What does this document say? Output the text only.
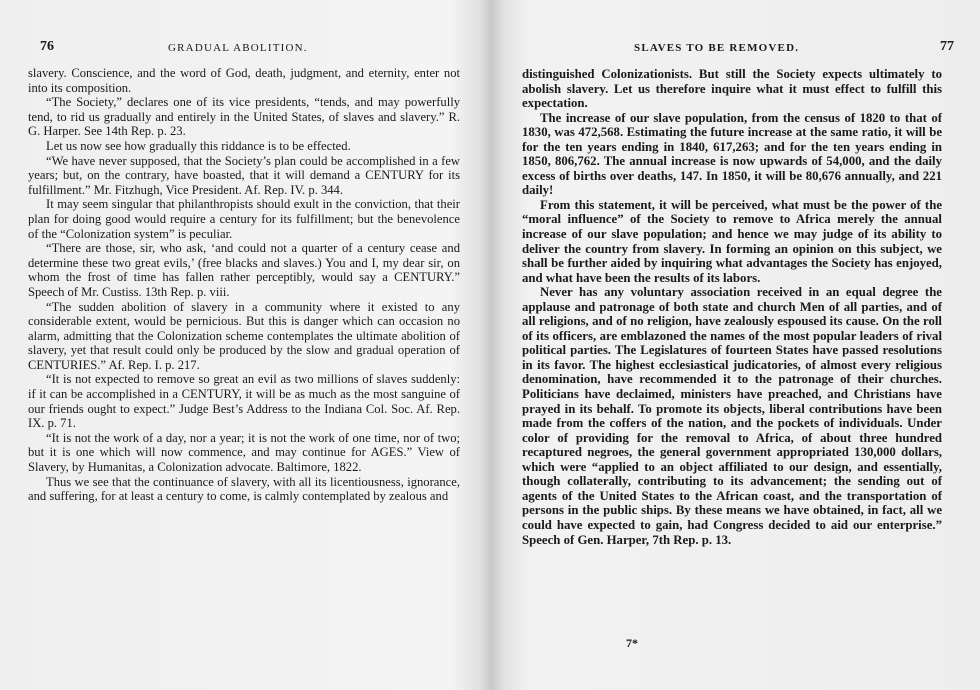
76	GRADUAL ABOLITION.

slavery. Conscience, and the word of God, death, judgment, and eternity, enter not into its composition.

“The Society,” declares one of its vice presidents, “tends, and may powerfully tend, to rid us gradually and entirely in the United States, of slaves and slavery.” R. G. Harper. See 14th Rep. p. 23.

Let us now see how gradually this riddance is to be effected.

“We have never supposed, that the Society’s plan could be accomplished in a few years; but, on the contrary, have boasted, that it will demand a CENTURY for its fulfillment.” Mr. Fitzhugh, Vice President. Af. Rep. IV. p. 344.

It may seem singular that philanthropists should exult in the conviction, that their plan for doing good would require a century for its fulfillment; but the benevolence of the “Colonization system” is peculiar.

“There are those, sir, who ask, ‘and could not a quarter of a century cease and determine these two great evils,’ (free blacks and slaves.) You and I, my dear sir, on whom the frost of time has fallen rather perceptibly, would say a CENTURY.” Speech of Mr. Custiss. 13th Rep. p. viii.

“The sudden abolition of slavery in a community where it existed to any considerable extent, would be pernicious. But this is danger which can occasion no alarm, admitting that the Colonization scheme contemplates the ultimate abolition of slavery, yet that result could only be produced by the slow and gradual operation of CENTURIES.” Af. Rep. I. p. 217.

“It is not expected to remove so great an evil as two millions of slaves suddenly: if it can be accomplished in a CENTURY, it will be as much as the most sanguine of our friends ought to expect.” Judge Best’s Address to the Indiana Col. Soc. Af. Rep. IX. p. 71.

“It is not the work of a day, nor a year; it is not the work of one time, nor of two; but it is one which will now commence, and may continue for AGES.” View of Slavery, by Humanitas, a Colonization advocate. Baltimore, 1822.

Thus we see that the continuance of slavery, with all its licentiousness, ignorance, and suffering, for at least a century to come, is calmly contemplated by zealous and

SLAVES TO BE REMOVED.	77

distinguished Colonizationists. But still the Society expects ultimately to abolish slavery. Let us therefore inquire what it must effect to fulfill this expectation.

The increase of our slave population, from the census of 1820 to that of 1830, was 472,568. Estimating the future increase at the same ratio, it will be for the ten years ending in 1840, 617,263; and for the ten years ending in 1850, 806,762. The annual increase is now upwards of 54,000, and the daily excess of births over deaths, 147. In 1850, it will be 80,676 annually, and 221 daily!

From this statement, it will be perceived, what must be the power of the “moral influence” of the Society to remove to Africa merely the annual increase of our slave population; and hence we may judge of its ability to deliver the country from slavery. In forming an opinion on this subject, we shall be further aided by inquiring what advantages the Society has enjoyed, and what have been the results of its labors.

Never has any voluntary association received in an equal degree the applause and patronage of both state and church Men of all parties, and of all religions, and of no religion, have zealously espoused its cause. On the roll of its officers, are emblazoned the names of the most popular leaders of rival political parties. The Legislatures of fourteen States have passed resolutions in its favor. The highest ecclesiastical judicatories, of almost every religious denomination, have recommended it to the patronage of their churches. Politicians have declaimed, ministers have preached, and Christians have prayed in its behalf. To promote its objects, liberal contributions have been made from the coffers of the nation, and the pockets of individuals. Under color of providing for the removal to Africa, of about three hundred recaptured negroes, the general government appropriated 130,000 dollars, which were “applied to an object affiliated to our design, and essentially, though collaterally, contributing to its advancement; the sending out of agents of the United States to the African coast, and the transportation of persons in the public ships. By these means we have obtained, in fact, all we could have expected to gain, had Congress decided to aid our enterprise.” Speech of Gen. Harper, 7th Rep. p. 13.

7*
